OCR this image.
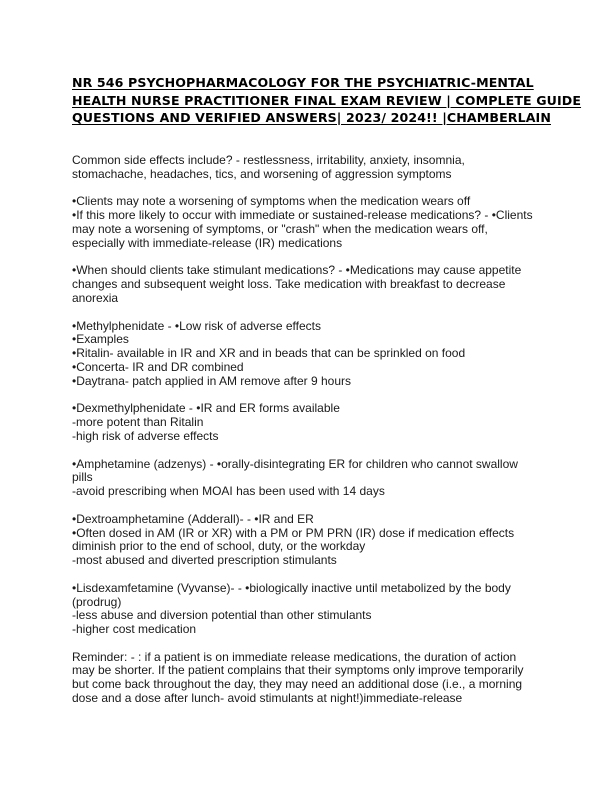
NR 546 PSYCHOPHARMACOLOGY FOR THE PSYCHIATRIC-MENTAL
HEALTH NURSE PRACTITIONER FINAL EXAM REVIEW | COMPLETE GUIDE
QUESTIONS AND VERIFIED ANSWERS| 2023/ 2024!! |CHAMBERLAIN

Common side effects include? - restlessness, irritability, anxiety, insomnia,
stomachache, headaches, tics, and worsening of aggression symptoms

•Clients may note a worsening of symptoms when the medication wears off
•If this more likely to occur with immediate or sustained-release medications? - •Clients
may note a worsening of symptoms, or "crash" when the medication wears off,
especially with immediate-release (IR) medications

•When should clients take stimulant medications? - •Medications may cause appetite
changes and subsequent weight loss. Take medication with breakfast to decrease
anorexia

•Methylphenidate - •Low risk of adverse effects
•Examples
•Ritalin- available in IR and XR and in beads that can be sprinkled on food
•Concerta- IR and DR combined
•Daytrana- patch applied in AM remove after 9 hours

•Dexmethylphenidate - •IR and ER forms available
-more potent than Ritalin
-high risk of adverse effects

•Amphetamine (adzenys) - •orally-disintegrating ER for children who cannot swallow
pills
-avoid prescribing when MOAI has been used with 14 days

•Dextroamphetamine (Adderall)- - •IR and ER
•Often dosed in AM (IR or XR) with a PM or PM PRN (IR) dose if medication effects
diminish prior to the end of school, duty, or the workday
-most abused and diverted prescription stimulants

•Lisdexamfetamine (Vyvanse)- - •biologically inactive until metabolized by the body
(prodrug)
-less abuse and diversion potential than other stimulants
-higher cost medication

Reminder: - : if a patient is on immediate release medications, the duration of action
may be shorter. If the patient complains that their symptoms only improve temporarily
but come back throughout the day, they may need an additional dose (i.e., a morning
dose and a dose after lunch- avoid stimulants at night!)immediate-release
